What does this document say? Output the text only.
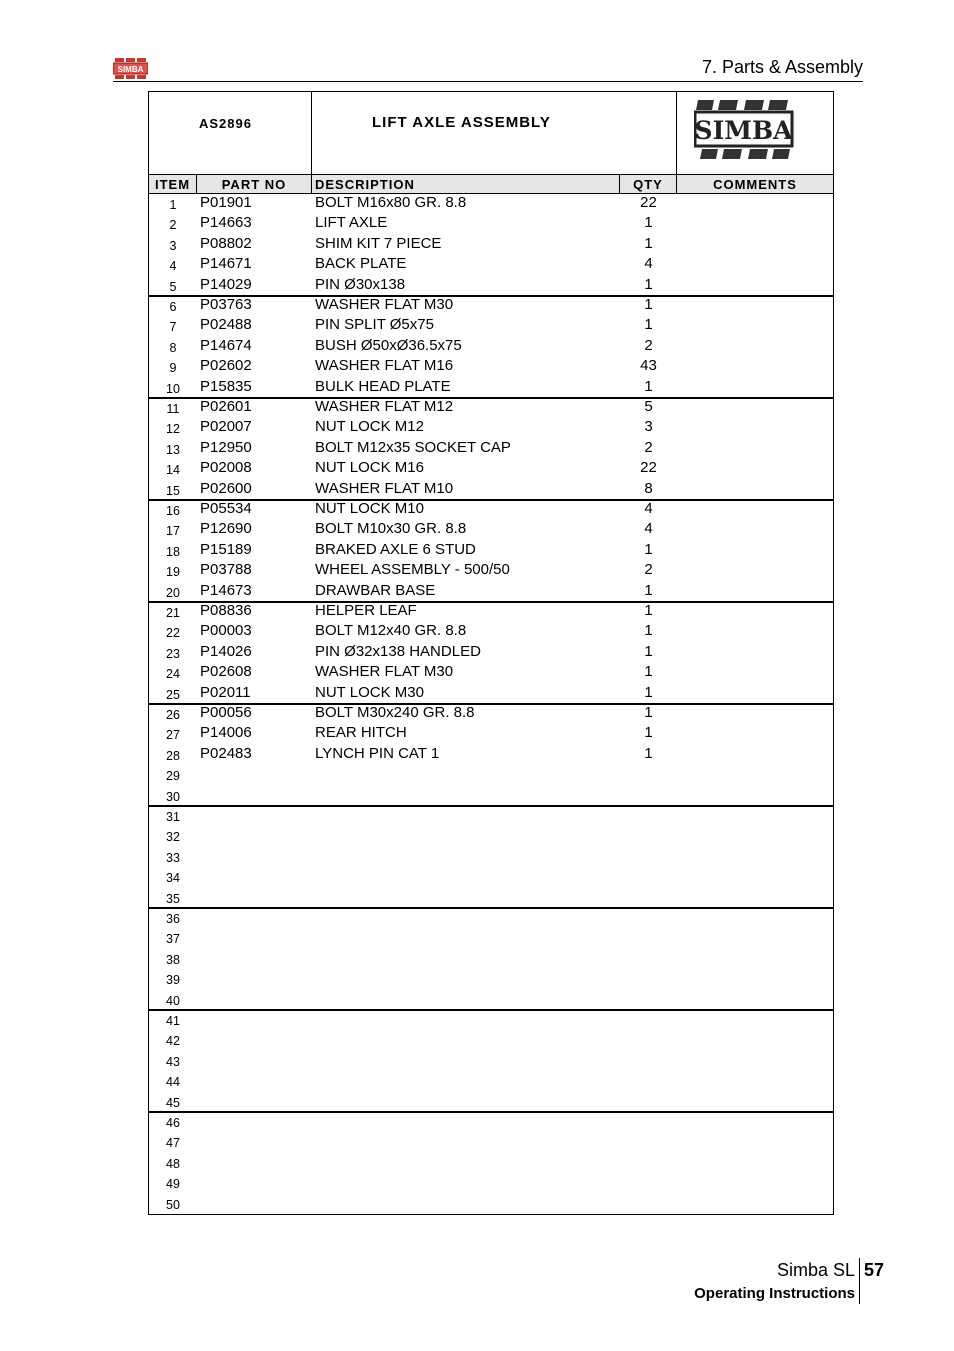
SIMBA	7. Parts & Assembly
AS2896	LIFT AXLE ASSEMBLY	SIMBA
ITEM	PART NO	DESCRIPTION	QTY	COMMENTS
1	P01901	BOLT M16x80 GR. 8.8	22
2	P14663	LIFT AXLE	1
3	P08802	SHIM KIT 7 PIECE	1
4	P14671	BACK PLATE	4
5	P14029	PIN Ø30x138	1
6	P03763	WASHER FLAT M30	1
7	P02488	PIN SPLIT Ø5x75	1
8	P14674	BUSH Ø50xØ36.5x75	2
9	P02602	WASHER FLAT M16	43
10	P15835	BULK HEAD PLATE	1
11	P02601	WASHER FLAT M12	5
12	P02007	NUT LOCK M12	3
13	P12950	BOLT M12x35 SOCKET CAP	2
14	P02008	NUT LOCK M16	22
15	P02600	WASHER FLAT M10	8
16	P05534	NUT LOCK M10	4
17	P12690	BOLT M10x30 GR. 8.8	4
18	P15189	BRAKED AXLE 6 STUD	1
19	P03788	WHEEL ASSEMBLY - 500/50	2
20	P14673	DRAWBAR BASE	1
21	P08836	HELPER LEAF	1
22	P00003	BOLT M12x40 GR. 8.8	1
23	P14026	PIN Ø32x138 HANDLED	1
24	P02608	WASHER FLAT M30	1
25	P02011	NUT LOCK M30	1
26	P00056	BOLT M30x240 GR. 8.8	1
27	P14006	REAR HITCH	1
28	P02483	LYNCH PIN CAT 1	1
29
30
31
32
33
34
35
36
37
38
39
40
41
42
43
44
45
46
47
48
49
50
Simba SL 57
Operating Instructions
